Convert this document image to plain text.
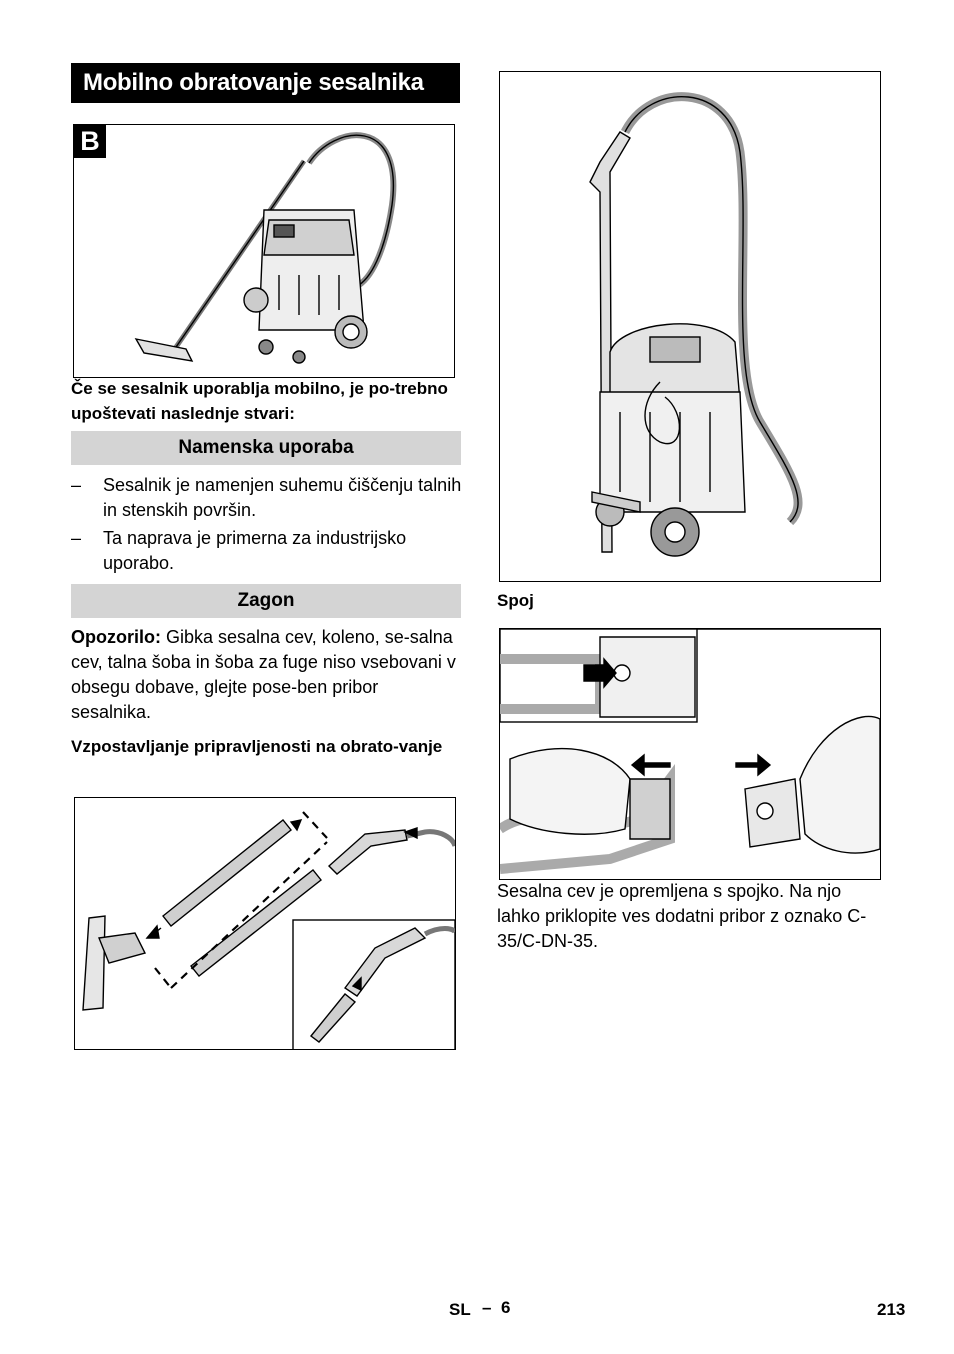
Mobilno obratovanje sesalnika
B
Če se sesalnik uporablja mobilno, je po-trebno upoštevati naslednje stvari:
Namenska uporaba
–	Sesalnik je namenjen suhemu čiščenju talnih in stenskih površin.
–	Ta naprava je primerna za industrijsko uporabo.
Zagon
Opozorilo: Gibka sesalna cev, koleno, se-salna cev, talna šoba in šoba za fuge niso vsebovani v obsegu dobave, glejte pose-ben pribor sesalnika.
Vzpostavljanje pripravljenosti na obrato-vanje
Spoj
Sesalna cev je opremljena s spojko. Na njo lahko priklopite ves dodatni pribor z oznako C-35/C-DN-35.
SL – 6	213
